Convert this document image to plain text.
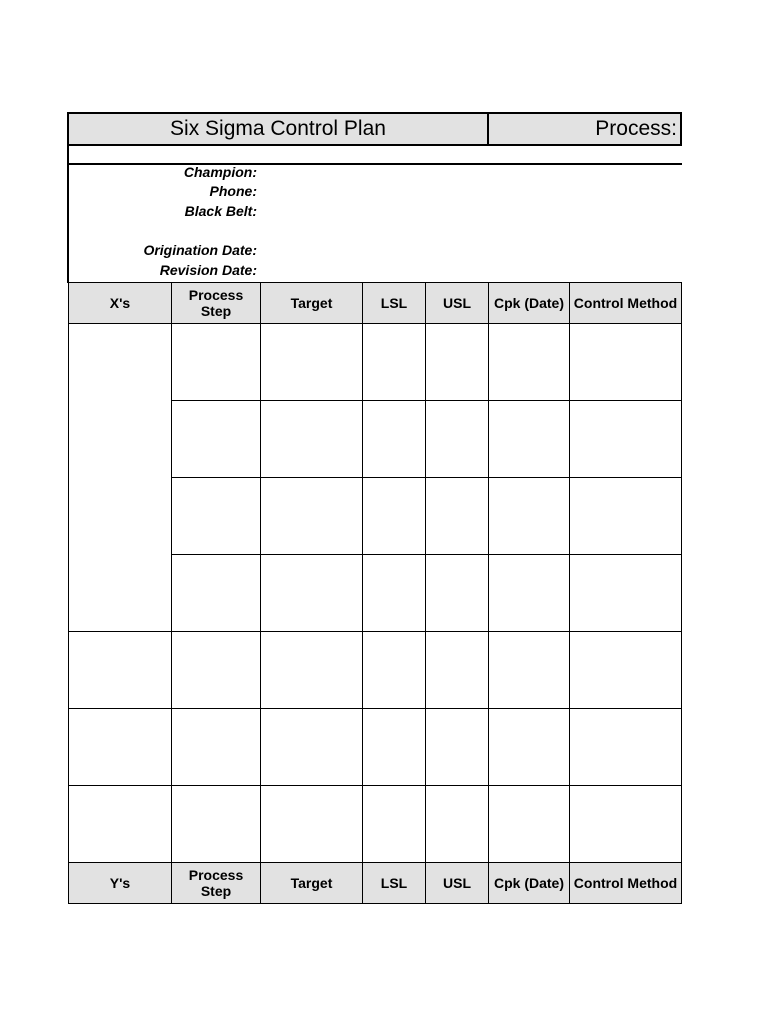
Six Sigma Control Plan	Process:
Champion:
Phone:
Black Belt:
Origination Date:
Revision Date:
X's	Process Step	Target	LSL	USL	Cpk (Date)	Control Method

Y's	Process Step	Target	LSL	USL	Cpk (Date)	Control Method
